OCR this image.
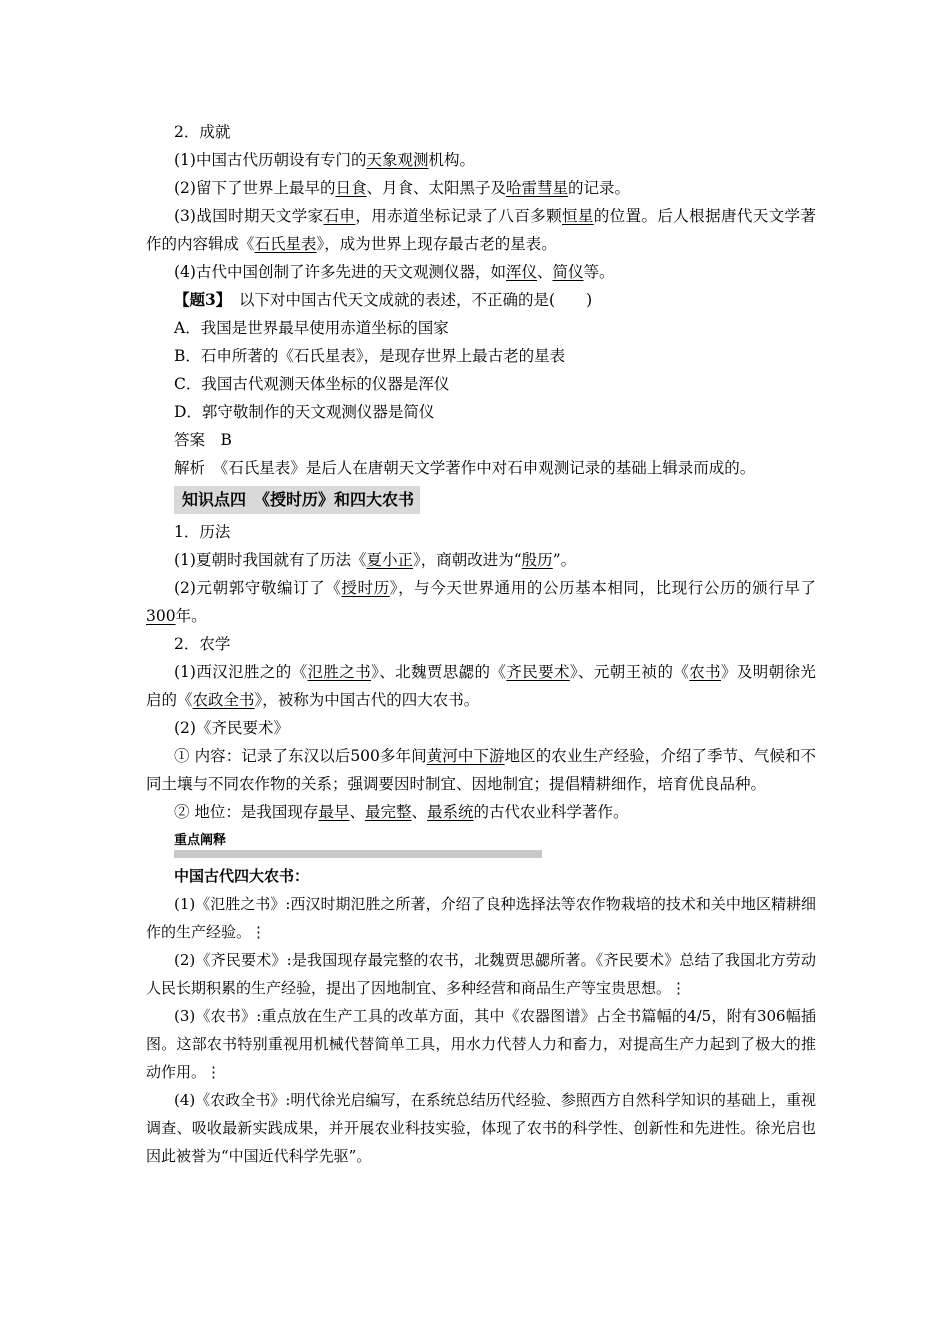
2．成就
(1)中国古代历朝设有专门的天象观测机构。
(2)留下了世界上最早的日食、月食、太阳黑子及哈雷彗星的记录。
(3)战国时期天文学家石申，用赤道坐标记录了八百多颗恒星的位置。后人根据唐代天文学著作的内容辑成《石氏星表》，成为世界上现存最古老的星表。
(4)古代中国创制了许多先进的天文观测仪器，如浑仪、简仪等。
【题3】　以下对中国古代天文成就的表述，不正确的是(　　)
A．我国是世界最早使用赤道坐标的国家
B．石申所著的《石氏星表》，是现存世界上最古老的星表
C．我国古代观测天体坐标的仪器是浑仪
D．郭守敬制作的天文观测仪器是简仪
答案　B
解析　《石氏星表》是后人在唐朝天文学著作中对石申观测记录的基础上辑录而成的。
知识点四　《授时历》和四大农书
1．历法
(1)夏朝时我国就有了历法《夏小正》，商朝改进为“殷历”。
(2)元朝郭守敬编订了《授时历》，与今天世界通用的公历基本相同，比现行公历的颁行早了300年。
2．农学
(1)西汉氾胜之的《氾胜之书》、北魏贾思勰的《齐民要术》、元朝王祯的《农书》及明朝徐光启的《农政全书》，被称为中国古代的四大农书。
(2)《齐民要术》
① 内容：记录了东汉以后500多年间黄河中下游地区的农业生产经验，介绍了季节、气候和不同土壤与不同农作物的关系；强调要因时制宜、因地制宜；提倡精耕细作，培育优良品种。
② 地位：是我国现存最早、最完整、最系统的古代农业科学著作。
重点阐释
中国古代四大农书：
(1)《氾胜之书》:西汉时期氾胜之所著，介绍了良种选择法等农作物栽培的技术和关中地区精耕细作的生产经验。⋮
(2)《齐民要术》:是我国现存最完整的农书，北魏贾思勰所著。《齐民要术》总结了我国北方劳动人民长期积累的生产经验，提出了因地制宜、多种经营和商品生产等宝贵思想。⋮
(3)《农书》:重点放在生产工具的改革方面，其中《农器图谱》占全书篇幅的4/5，附有306幅插图。这部农书特别重视用机械代替简单工具，用水力代替人力和畜力，对提高生产力起到了极大的推动作用。⋮
(4)《农政全书》:明代徐光启编写，在系统总结历代经验、参照西方自然科学知识的基础上，重视调查、吸收最新实践成果，并开展农业科技实验，体现了农书的科学性、创新性和先进性。徐光启也因此被誉为“中国近代科学先驱”。
